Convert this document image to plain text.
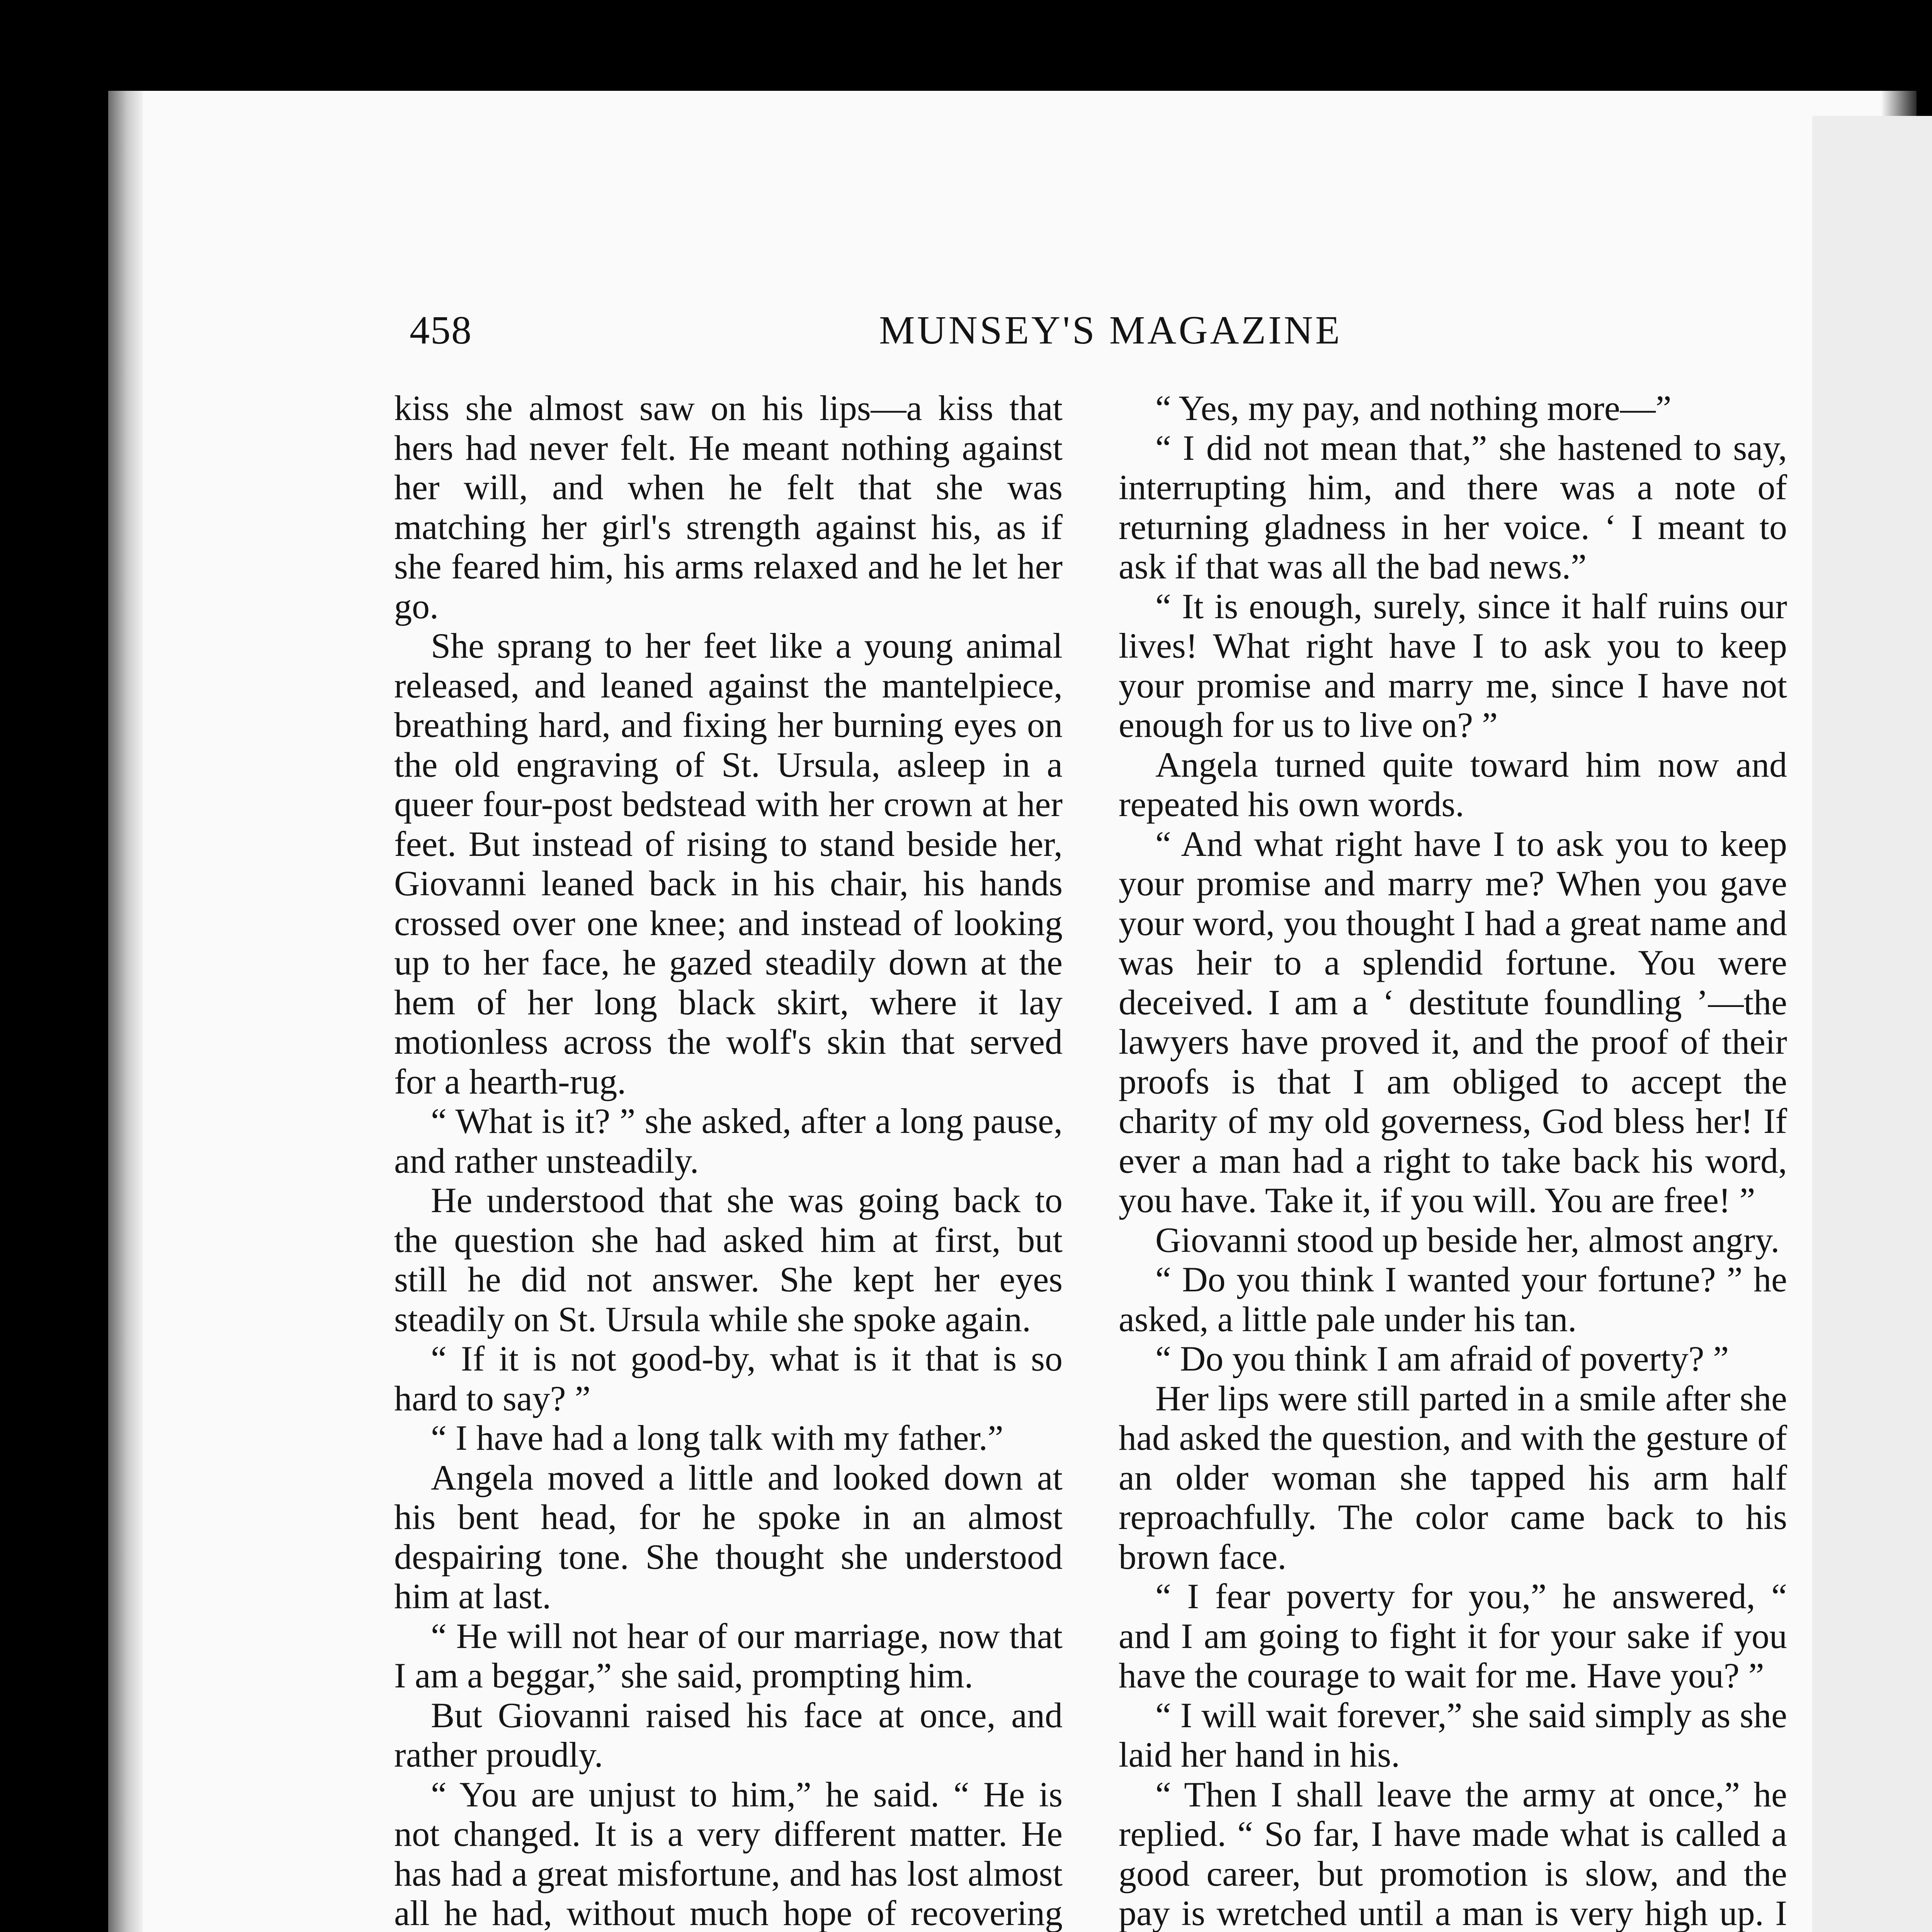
458	MUNSEY'S MAGAZINE

kiss she almost saw on his lips—a kiss that hers had never felt. He meant nothing against her will, and when he felt that she was matching her girl's strength against his, as if she feared him, his arms relaxed and he let her go.

She sprang to her feet like a young animal released, and leaned against the mantelpiece, breathing hard, and fixing her burning eyes on the old engraving of St. Ursula, asleep in a queer four-post bedstead with her crown at her feet. But instead of rising to stand beside her, Giovanni leaned back in his chair, his hands crossed over one knee; and instead of looking up to her face, he gazed steadily down at the hem of her long black skirt, where it lay motionless across the wolf's skin that served for a hearth-rug.

“ What is it? ” she asked, after a long pause, and rather unsteadily.

He understood that she was going back to the question she had asked him at first, but still he did not answer. She kept her eyes steadily on St. Ursula while she spoke again.

“ If it is not good-by, what is it that is so hard to say? ”

“ I have had a long talk with my father.”

Angela moved a little and looked down at his bent head, for he spoke in an almost despairing tone. She thought she understood him at last.

“ He will not hear of our marriage, now that I am a beggar,” she said, prompting him.

But Giovanni raised his face at once, and rather proudly.

“ You are unjust to him,” he said. “ He is not changed. It is a very different matter. He has had a great misfortune, and has lost almost all he had, without much hope of recovering

“ Yes, my pay, and nothing more—”

“ I did not mean that,” she hastened to say, interrupting him, and there was a note of returning gladness in her voice. ‘ I meant to ask if that was all the bad news.”

“ It is enough, surely, since it half ruins our lives! What right have I to ask you to keep your promise and marry me, since I have not enough for us to live on? ”

Angela turned quite toward him now and repeated his own words.

“ And what right have I to ask you to keep your promise and marry me? When you gave your word, you thought I had a great name and was heir to a splendid fortune. You were deceived. I am a ‘ destitute foundling ’—the lawyers have proved it, and the proof of their proofs is that I am obliged to accept the charity of my old governess, God bless her! If ever a man had a right to take back his word, you have. Take it, if you will. You are free! ”

Giovanni stood up beside her, almost angry.

“ Do you think I wanted your fortune? ” he asked, a little pale under his tan.

“ Do you think I am afraid of poverty? ”

Her lips were still parted in a smile after she had asked the question, and with the gesture of an older woman she tapped his arm half reproachfully. The color came back to his brown face.

“ I fear poverty for you,” he answered, “ and I am going to fight it for your sake if you have the courage to wait for me. Have you? ”

“ I will wait forever,” she said simply as she laid her hand in his.

“ Then I shall leave the army at once,” he replied. “ So far, I have made what is called a good career, but promotion is slow, and the pay is wretched until a man is very high up. I
